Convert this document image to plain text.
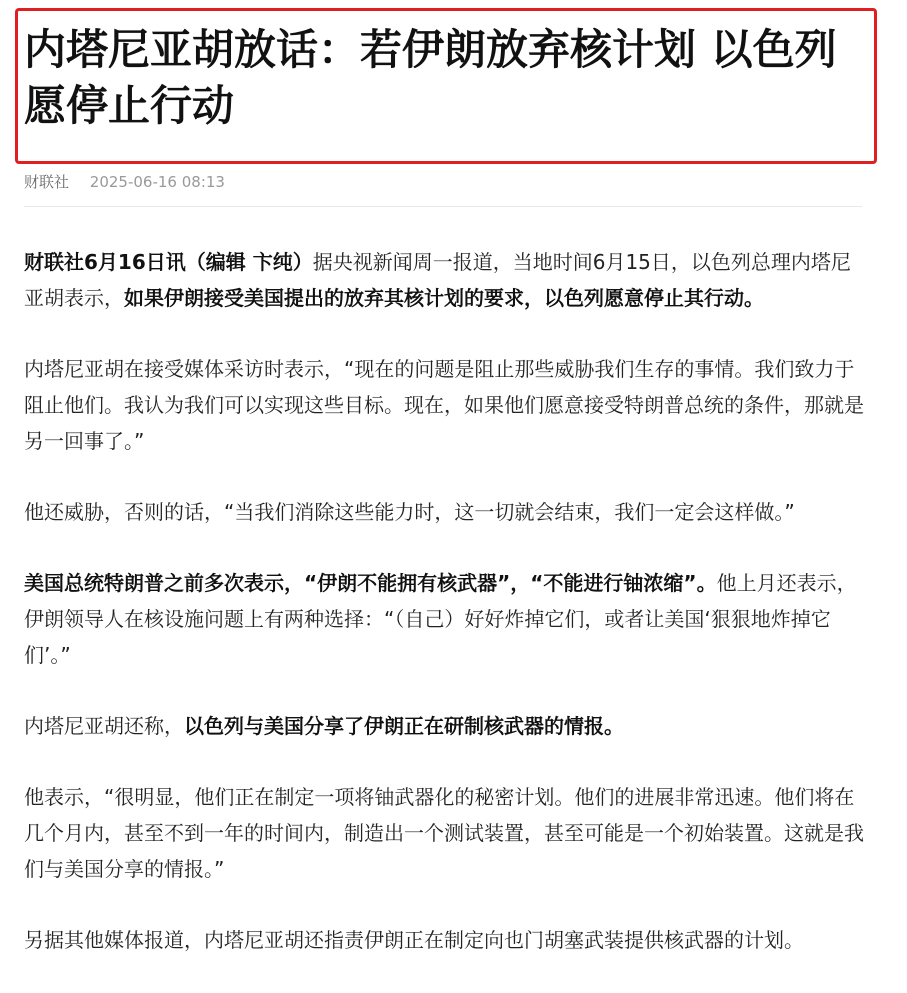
内塔尼亚胡放话：若伊朗放弃核计划 以色列愿停止行动
财联社 2025-06-16 08:13

财联社6月16日讯（编辑 卞纯）据央视新闻周一报道，当地时间6月15日，以色列总理内塔尼亚胡表示，如果伊朗接受美国提出的放弃其核计划的要求，以色列愿意停止其行动。

内塔尼亚胡在接受媒体采访时表示，“现在的问题是阻止那些威胁我们生存的事情。我们致力于阻止他们。我认为我们可以实现这些目标。现在，如果他们愿意接受特朗普总统的条件，那就是另一回事了。”

他还威胁，否则的话，“当我们消除这些能力时，这一切就会结束，我们一定会这样做。”

美国总统特朗普之前多次表示，“伊朗不能拥有核武器”，“不能进行铀浓缩”。他上月还表示，伊朗领导人在核设施问题上有两种选择：“（自己）好好炸掉它们，或者让美国‘狠狠地炸掉它们’。”

内塔尼亚胡还称，以色列与美国分享了伊朗正在研制核武器的情报。

他表示，“很明显，他们正在制定一项将铀武器化的秘密计划。他们的进展非常迅速。他们将在几个月内，甚至不到一年的时间内，制造出一个测试装置，甚至可能是一个初始装置。这就是我们与美国分享的情报。”

另据其他媒体报道，内塔尼亚胡还指责伊朗正在制定向也门胡塞武装提供核武器的计划。
